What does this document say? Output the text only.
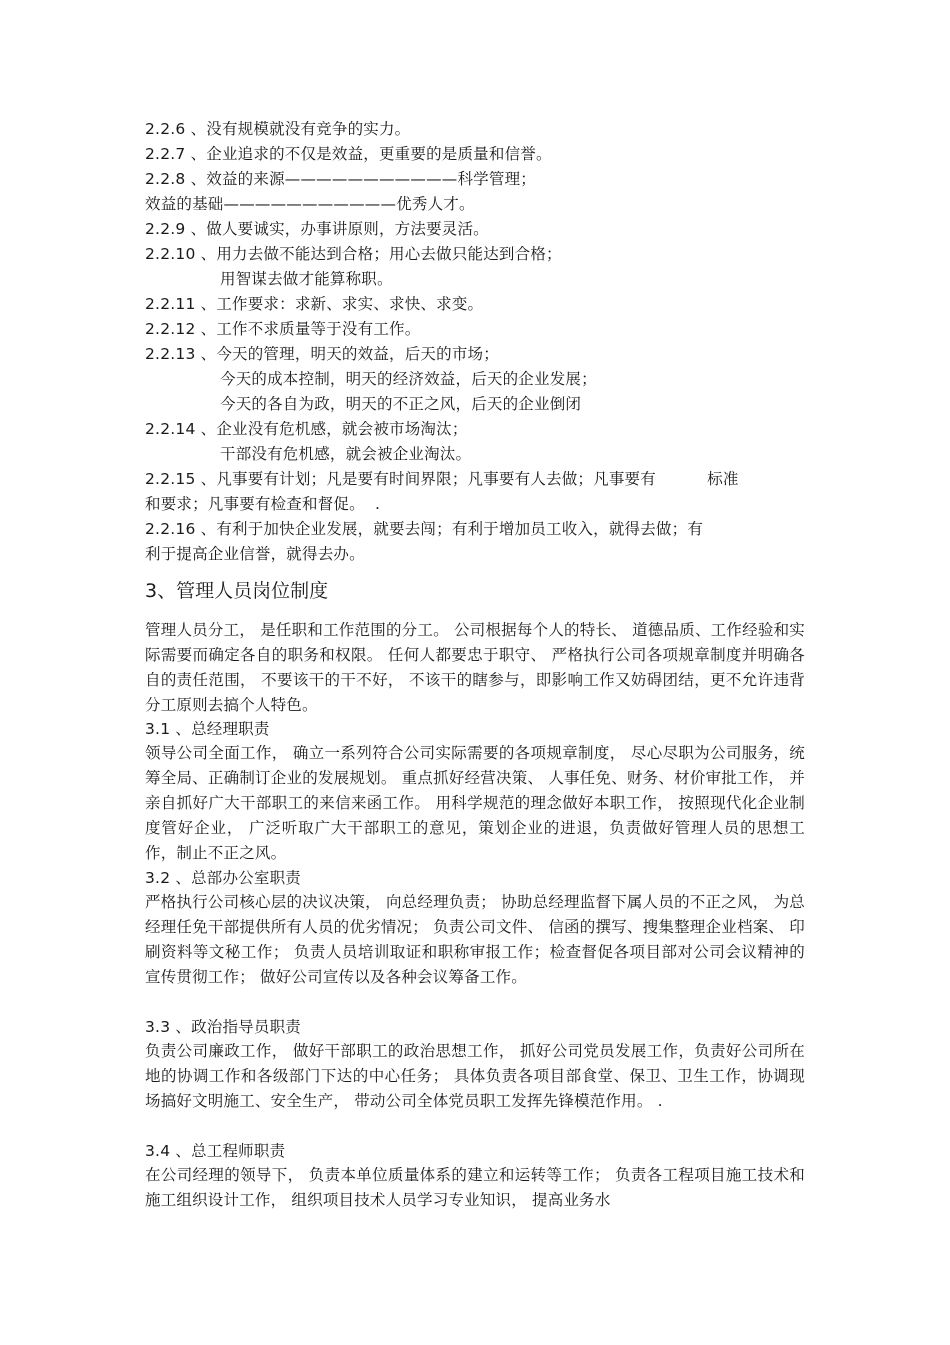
2.2.6 、没有规模就没有竞争的实力。
2.2.7 、企业追求的不仅是效益，更重要的是质量和信誉。
2.2.8 、效益的来源———————————科学管理；
效益的基础———————————优秀人才。
2.2.9 、做人要诚实，办事讲原则，方法要灵活。
2.2.10 、用力去做不能达到合格；用心去做只能达到合格；
用智谋去做才能算称职。
2.2.11 、工作要求：求新、求实、求快、求变。
2.2.12 、工作不求质量等于没有工作。
2.2.13 、今天的管理，明天的效益，后天的市场；
今天的成本控制，明天的经济效益，后天的企业发展；
今天的各自为政，明天的不正之风，后天的企业倒闭
2.2.14 、企业没有危机感，就会被市场淘汰；
干部没有危机感，就会被企业淘汰。
2.2.15 、凡事要有计划；凡是要有时间界限；凡事要有人去做；凡事要有          标准
和要求；凡事要有检查和督促。  .
2.2.16 、有利于加快企业发展，就要去闯；有利于增加员工收入，就得去做；有
利于提高企业信誉，就得去办。
3、管理人员岗位制度
管理人员分工， 是任职和工作范围的分工。 公司根据每个人的特长、 道德品质、工作经验和实际需要而确定各自的职务和权限。 任何人都要忠于职守、 严格执行公司各项规章制度并明确各自的责任范围， 不要该干的干不好， 不该干的瞎参与，即影响工作又妨碍团结，更不允许违背分工原则去搞个人特色。
3.1 、总经理职责
领导公司全面工作， 确立一系列符合公司实际需要的各项规章制度， 尽心尽职为公司服务，统筹全局、正确制订企业的发展规划。 重点抓好经营决策、 人事任免、财务、材价审批工作， 并亲自抓好广大干部职工的来信来函工作。 用科学规范的理念做好本职工作， 按照现代化企业制度管好企业， 广泛听取广大干部职工的意见，策划企业的进退，负责做好管理人员的思想工作，制止不正之风。
3.2 、总部办公室职责
严格执行公司核心层的决议决策， 向总经理负责； 协助总经理监督下属人员的不正之风， 为总经理任免干部提供所有人员的优劣情况； 负责公司文件、 信函的撰写、搜集整理企业档案、 印刷资料等文秘工作； 负责人员培训取证和职称审报工作；检查督促各项目部对公司会议精神的宣传贯彻工作； 做好公司宣传以及各种会议筹备工作。
3.3 、政治指导员职责
负责公司廉政工作， 做好干部职工的政治思想工作， 抓好公司党员发展工作，负责好公司所在地的协调工作和各级部门下达的中心任务； 具体负责各项目部食堂、保卫、卫生工作，协调现场搞好文明施工、安全生产， 带动公司全体党员职工发挥先锋模范作用。 .
3.4 、总工程师职责
在公司经理的领导下， 负责本单位质量体系的建立和运转等工作； 负责各工程项目施工技术和施工组织设计工作， 组织项目技术人员学习专业知识， 提高业务水
